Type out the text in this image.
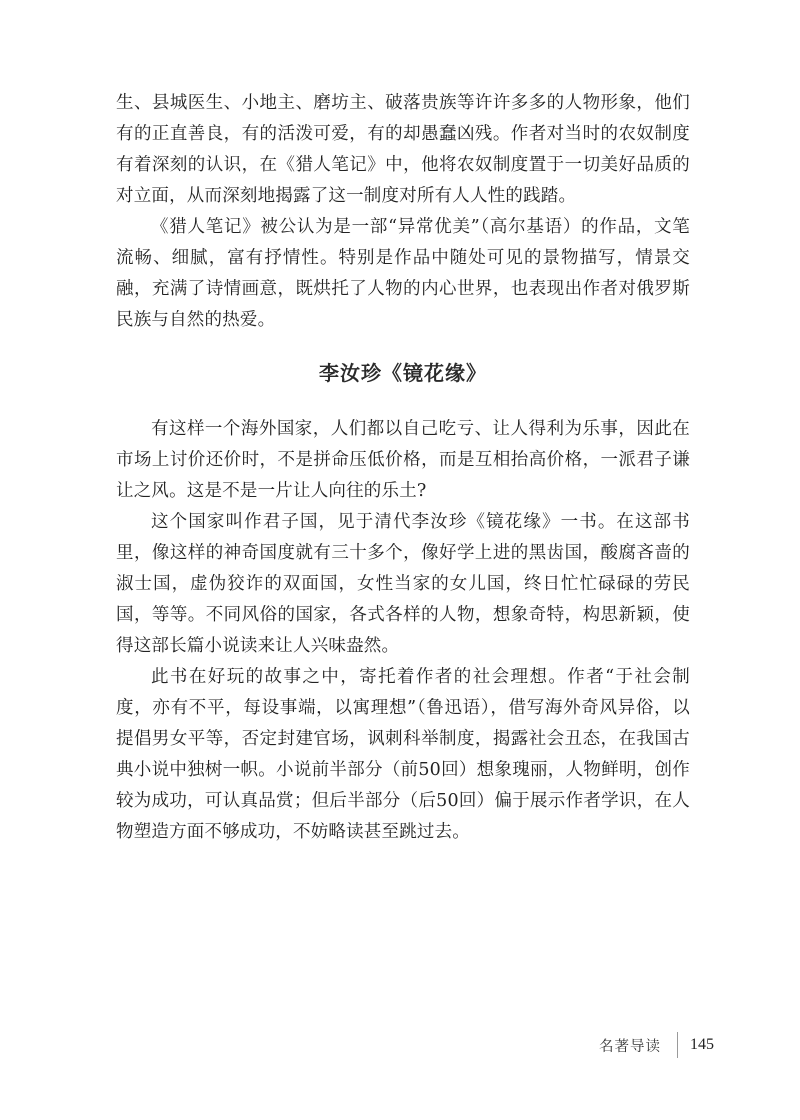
生、县城医生、小地主、磨坊主、破落贵族等许许多多的人物形象，他们有的正直善良，有的活泼可爱，有的却愚蠢凶残。作者对当时的农奴制度有着深刻的认识，在《猎人笔记》中，他将农奴制度置于一切美好品质的对立面，从而深刻地揭露了这一制度对所有人人性的践踏。

《猎人笔记》被公认为是一部“异常优美”（高尔基语）的作品，文笔流畅、细腻，富有抒情性。特别是作品中随处可见的景物描写，情景交融，充满了诗情画意，既烘托了人物的内心世界，也表现出作者对俄罗斯民族与自然的热爱。

李汝珍《镜花缘》

有这样一个海外国家，人们都以自己吃亏、让人得利为乐事，因此在市场上讨价还价时，不是拼命压低价格，而是互相抬高价格，一派君子谦让之风。这是不是一片让人向往的乐土?

这个国家叫作君子国，见于清代李汝珍《镜花缘》一书。在这部书里，像这样的神奇国度就有三十多个，像好学上进的黑齿国，酸腐吝啬的淑士国，虚伪狡诈的双面国，女性当家的女儿国，终日忙忙碌碌的劳民国，等等。不同风俗的国家，各式各样的人物，想象奇特，构思新颖，使得这部长篇小说读来让人兴味盎然。

此书在好玩的故事之中，寄托着作者的社会理想。作者“于社会制度，亦有不平，每设事端，以寓理想”（鲁迅语），借写海外奇风异俗，以提倡男女平等，否定封建官场，讽刺科举制度，揭露社会丑态，在我国古典小说中独树一帜。小说前半部分（前50回）想象瑰丽，人物鲜明，创作较为成功，可认真品赏；但后半部分（后50回）偏于展示作者学识，在人物塑造方面不够成功，不妨略读甚至跳过去。

名著导读 145
